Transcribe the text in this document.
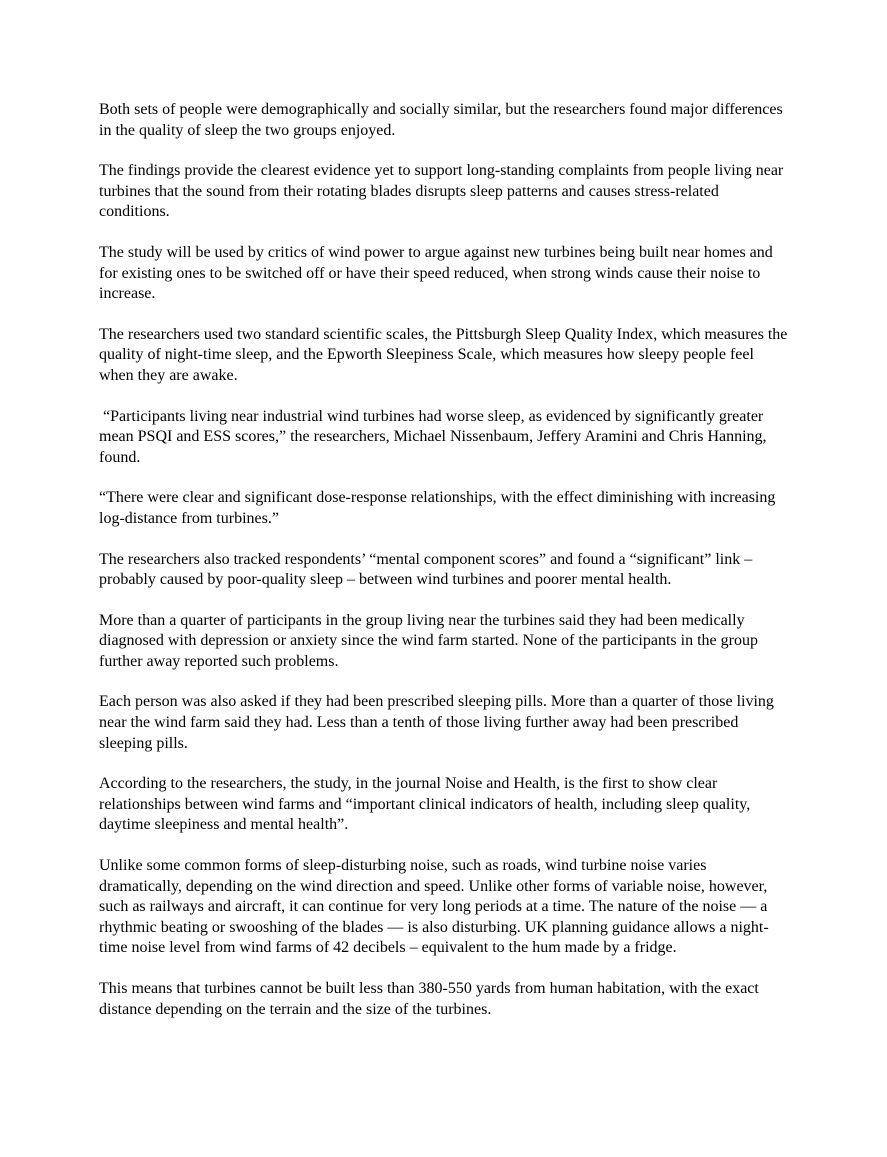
Both sets of people were demographically and socially similar, but the researchers found major differences in the quality of sleep the two groups enjoyed.

The findings provide the clearest evidence yet to support long-standing complaints from people living near turbines that the sound from their rotating blades disrupts sleep patterns and causes stress-related conditions.

The study will be used by critics of wind power to argue against new turbines being built near homes and for existing ones to be switched off or have their speed reduced, when strong winds cause their noise to increase.

The researchers used two standard scientific scales, the Pittsburgh Sleep Quality Index, which measures the quality of night-time sleep, and the Epworth Sleepiness Scale, which measures how sleepy people feel when they are awake.

“Participants living near industrial wind turbines had worse sleep, as evidenced by significantly greater mean PSQI and ESS scores,” the researchers, Michael Nissenbaum, Jeffery Aramini and Chris Hanning, found.

“There were clear and significant dose-response relationships, with the effect diminishing with increasing log-distance from turbines.”

The researchers also tracked respondents’ “mental component scores” and found a “significant” link – probably caused by poor-quality sleep – between wind turbines and poorer mental health.

More than a quarter of participants in the group living near the turbines said they had been medically diagnosed with depression or anxiety since the wind farm started. None of the participants in the group further away reported such problems.

Each person was also asked if they had been prescribed sleeping pills. More than a quarter of those living near the wind farm said they had. Less than a tenth of those living further away had been prescribed sleeping pills.

According to the researchers, the study, in the journal Noise and Health, is the first to show clear relationships between wind farms and “important clinical indicators of health, including sleep quality, daytime sleepiness and mental health”.

Unlike some common forms of sleep-disturbing noise, such as roads, wind turbine noise varies dramatically, depending on the wind direction and speed. Unlike other forms of variable noise, however, such as railways and aircraft, it can continue for very long periods at a time. The nature of the noise — a rhythmic beating or swooshing of the blades — is also disturbing. UK planning guidance allows a night-time noise level from wind farms of 42 decibels – equivalent to the hum made by a fridge.

This means that turbines cannot be built less than 380-550 yards from human habitation, with the exact distance depending on the terrain and the size of the turbines.
